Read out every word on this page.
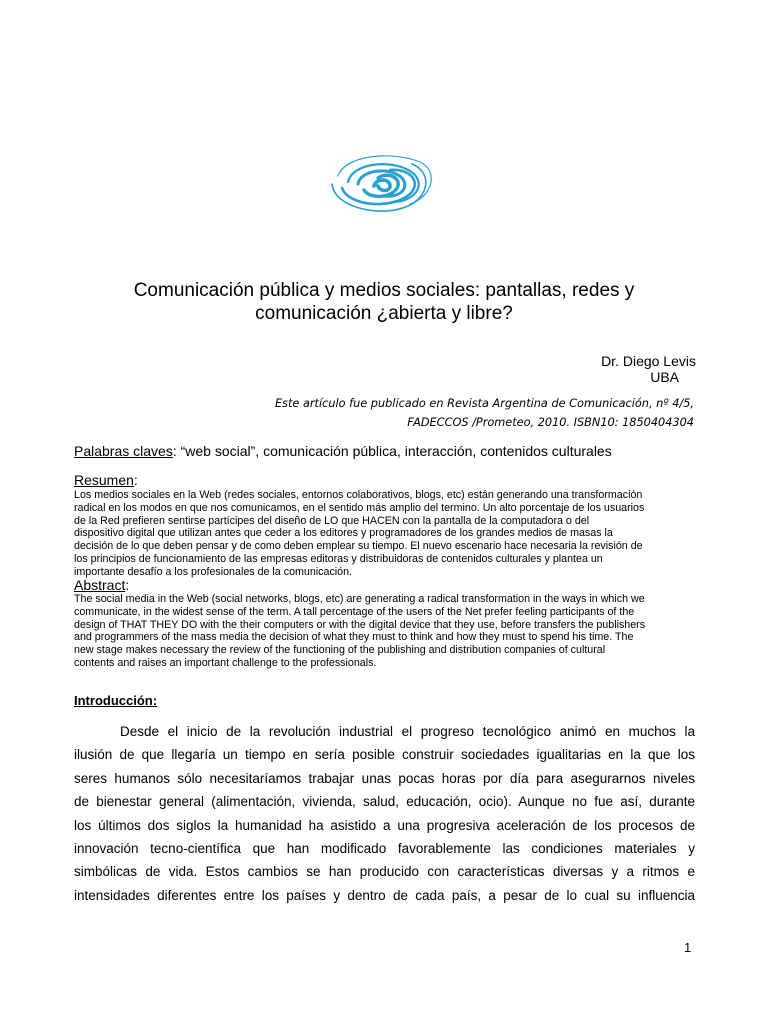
Comunicación pública y medios sociales: pantallas, redes y
comunicación ¿abierta y libre?
Dr. Diego Levis
UBA
Este artículo fue publicado en Revista Argentina de Comunicación, nº 4/5,
FADECCOS /Prometeo, 2010. ISBN10: 1850404304
Palabras claves: “web social”, comunicación pública, interacción, contenidos culturales
Resumen:
Los medios sociales en la Web (redes sociales, entornos colaborativos, blogs, etc) están generando una transformación
radical en los modos en que nos comunicamos, en el sentido más amplio del termino. Un alto porcentaje de los usuarios
de la Red prefieren sentirse partícipes del diseño de LO que HACEN con la pantalla de la computadora o del
dispositivo digital que utilizan antes que ceder a los editores y programadores de los grandes medios de masas la
decisión de lo que deben pensar y de como deben emplear su tiempo. El nuevo escenario hace necesaria la revisión de
los principios de funcionamiento de las empresas editoras y distribuidoras de contenidos culturales y plantea un
importante desafío a los profesionales de la comunicación.
Abstract:
The social media in the Web (social networks, blogs, etc) are generating a radical transformation in the ways in which we
communicate, in the widest sense of the term. A tall percentage of the users of the Net prefer feeling participants of the
design of THAT THEY DO with the their computers or with the digital device that they use, before transfers the publishers
and programmers of the mass media the decision of what they must to think and how they must to spend his time. The
new stage makes necessary the review of the functioning of the publishing and distribution companies of cultural
contents and raises an important challenge to the professionals.
Introducción:
Desde el inicio de la revolución industrial el progreso tecnológico animó en muchos la
ilusión de que llegaría un tiempo en sería posible construir sociedades igualitarias en la que los
seres humanos sólo necesitaríamos trabajar unas pocas horas por día para asegurarnos niveles
de bienestar general (alimentación, vivienda, salud, educación, ocio). Aunque no fue así, durante
los últimos dos siglos la humanidad ha asistido a una progresiva aceleración de los procesos de
innovación tecno-científica que han modificado favorablemente las condiciones materiales y
simbólicas de vida. Estos cambios se han producido con características diversas y a ritmos e
intensidades diferentes entre los países y dentro de cada país, a pesar de lo cual su influencia
1
